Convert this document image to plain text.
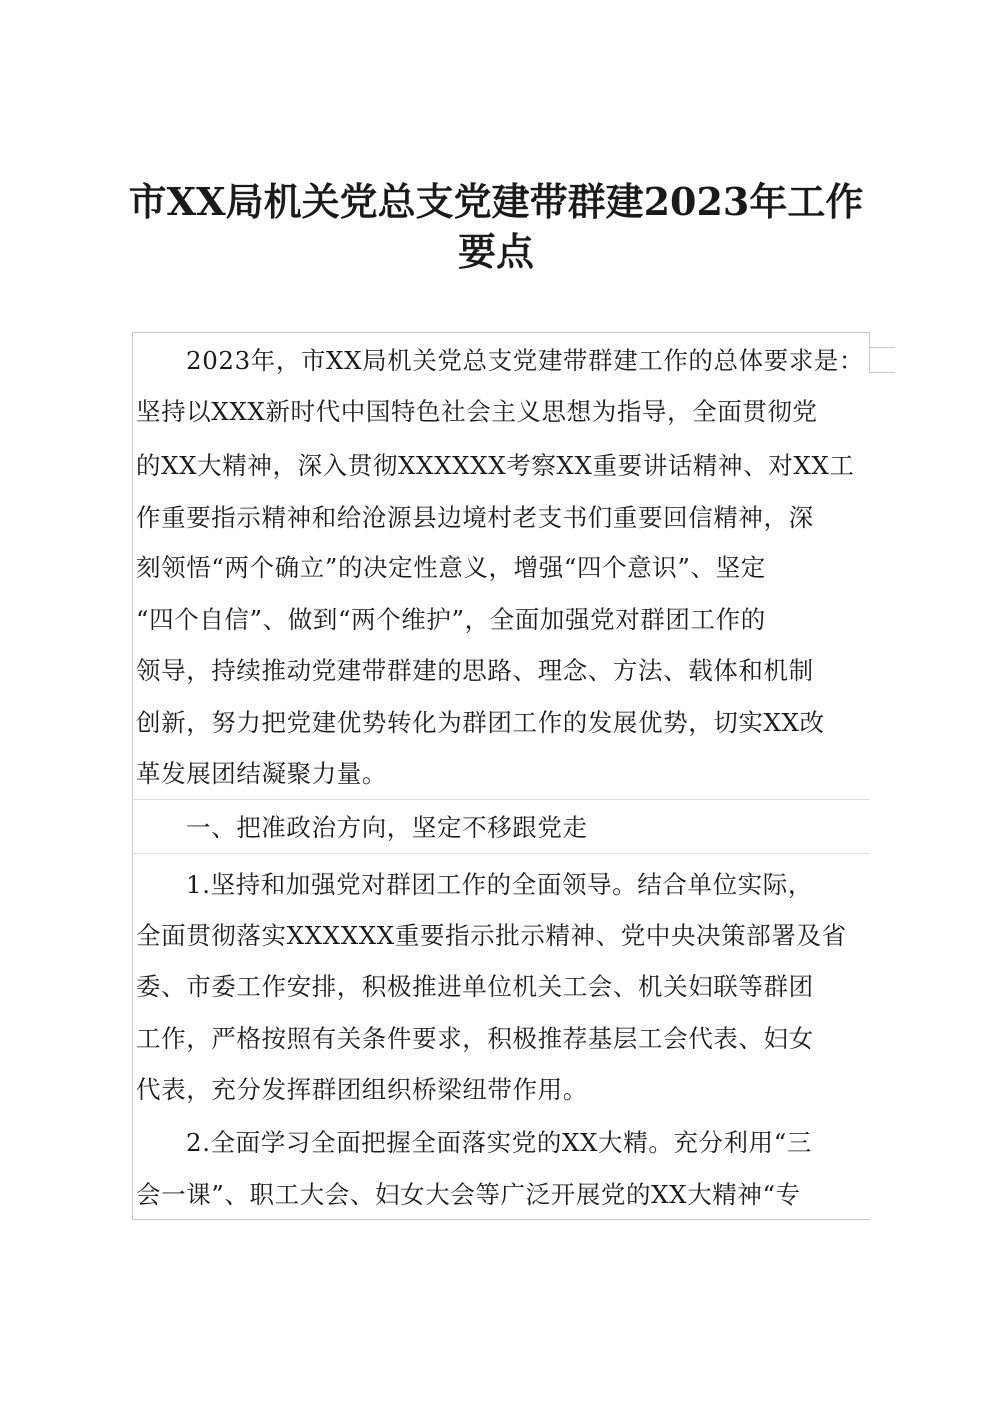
市XX局机关党总支党建带群建2023年工作
要点
2023年，市XX局机关党总支党建带群建工作的总体要求是：
坚持以XXX新时代中国特色社会主义思想为指导，全面贯彻党
的XX大精神，深入贯彻XXXXXX考察XX重要讲话精神、对XX工
作重要指示精神和给沧源县边境村老支书们重要回信精神，深
刻领悟“两个确立”的决定性意义，增强“四个意识”、坚定
“四个自信”、做到“两个维护”，全面加强党对群团工作的
领导，持续推动党建带群建的思路、理念、方法、载体和机制
创新，努力把党建优势转化为群团工作的发展优势，切实XX改
革发展团结凝聚力量。
一、把准政治方向，坚定不移跟党走
1.坚持和加强党对群团工作的全面领导。结合单位实际，
全面贯彻落实XXXXXX重要指示批示精神、党中央决策部署及省
委、市委工作安排，积极推进单位机关工会、机关妇联等群团
工作，严格按照有关条件要求，积极推荐基层工会代表、妇女
代表，充分发挥群团组织桥梁纽带作用。
2.全面学习全面把握全面落实党的XX大精。充分利用“三
会一课”、职工大会、妇女大会等广泛开展党的XX大精神“专
